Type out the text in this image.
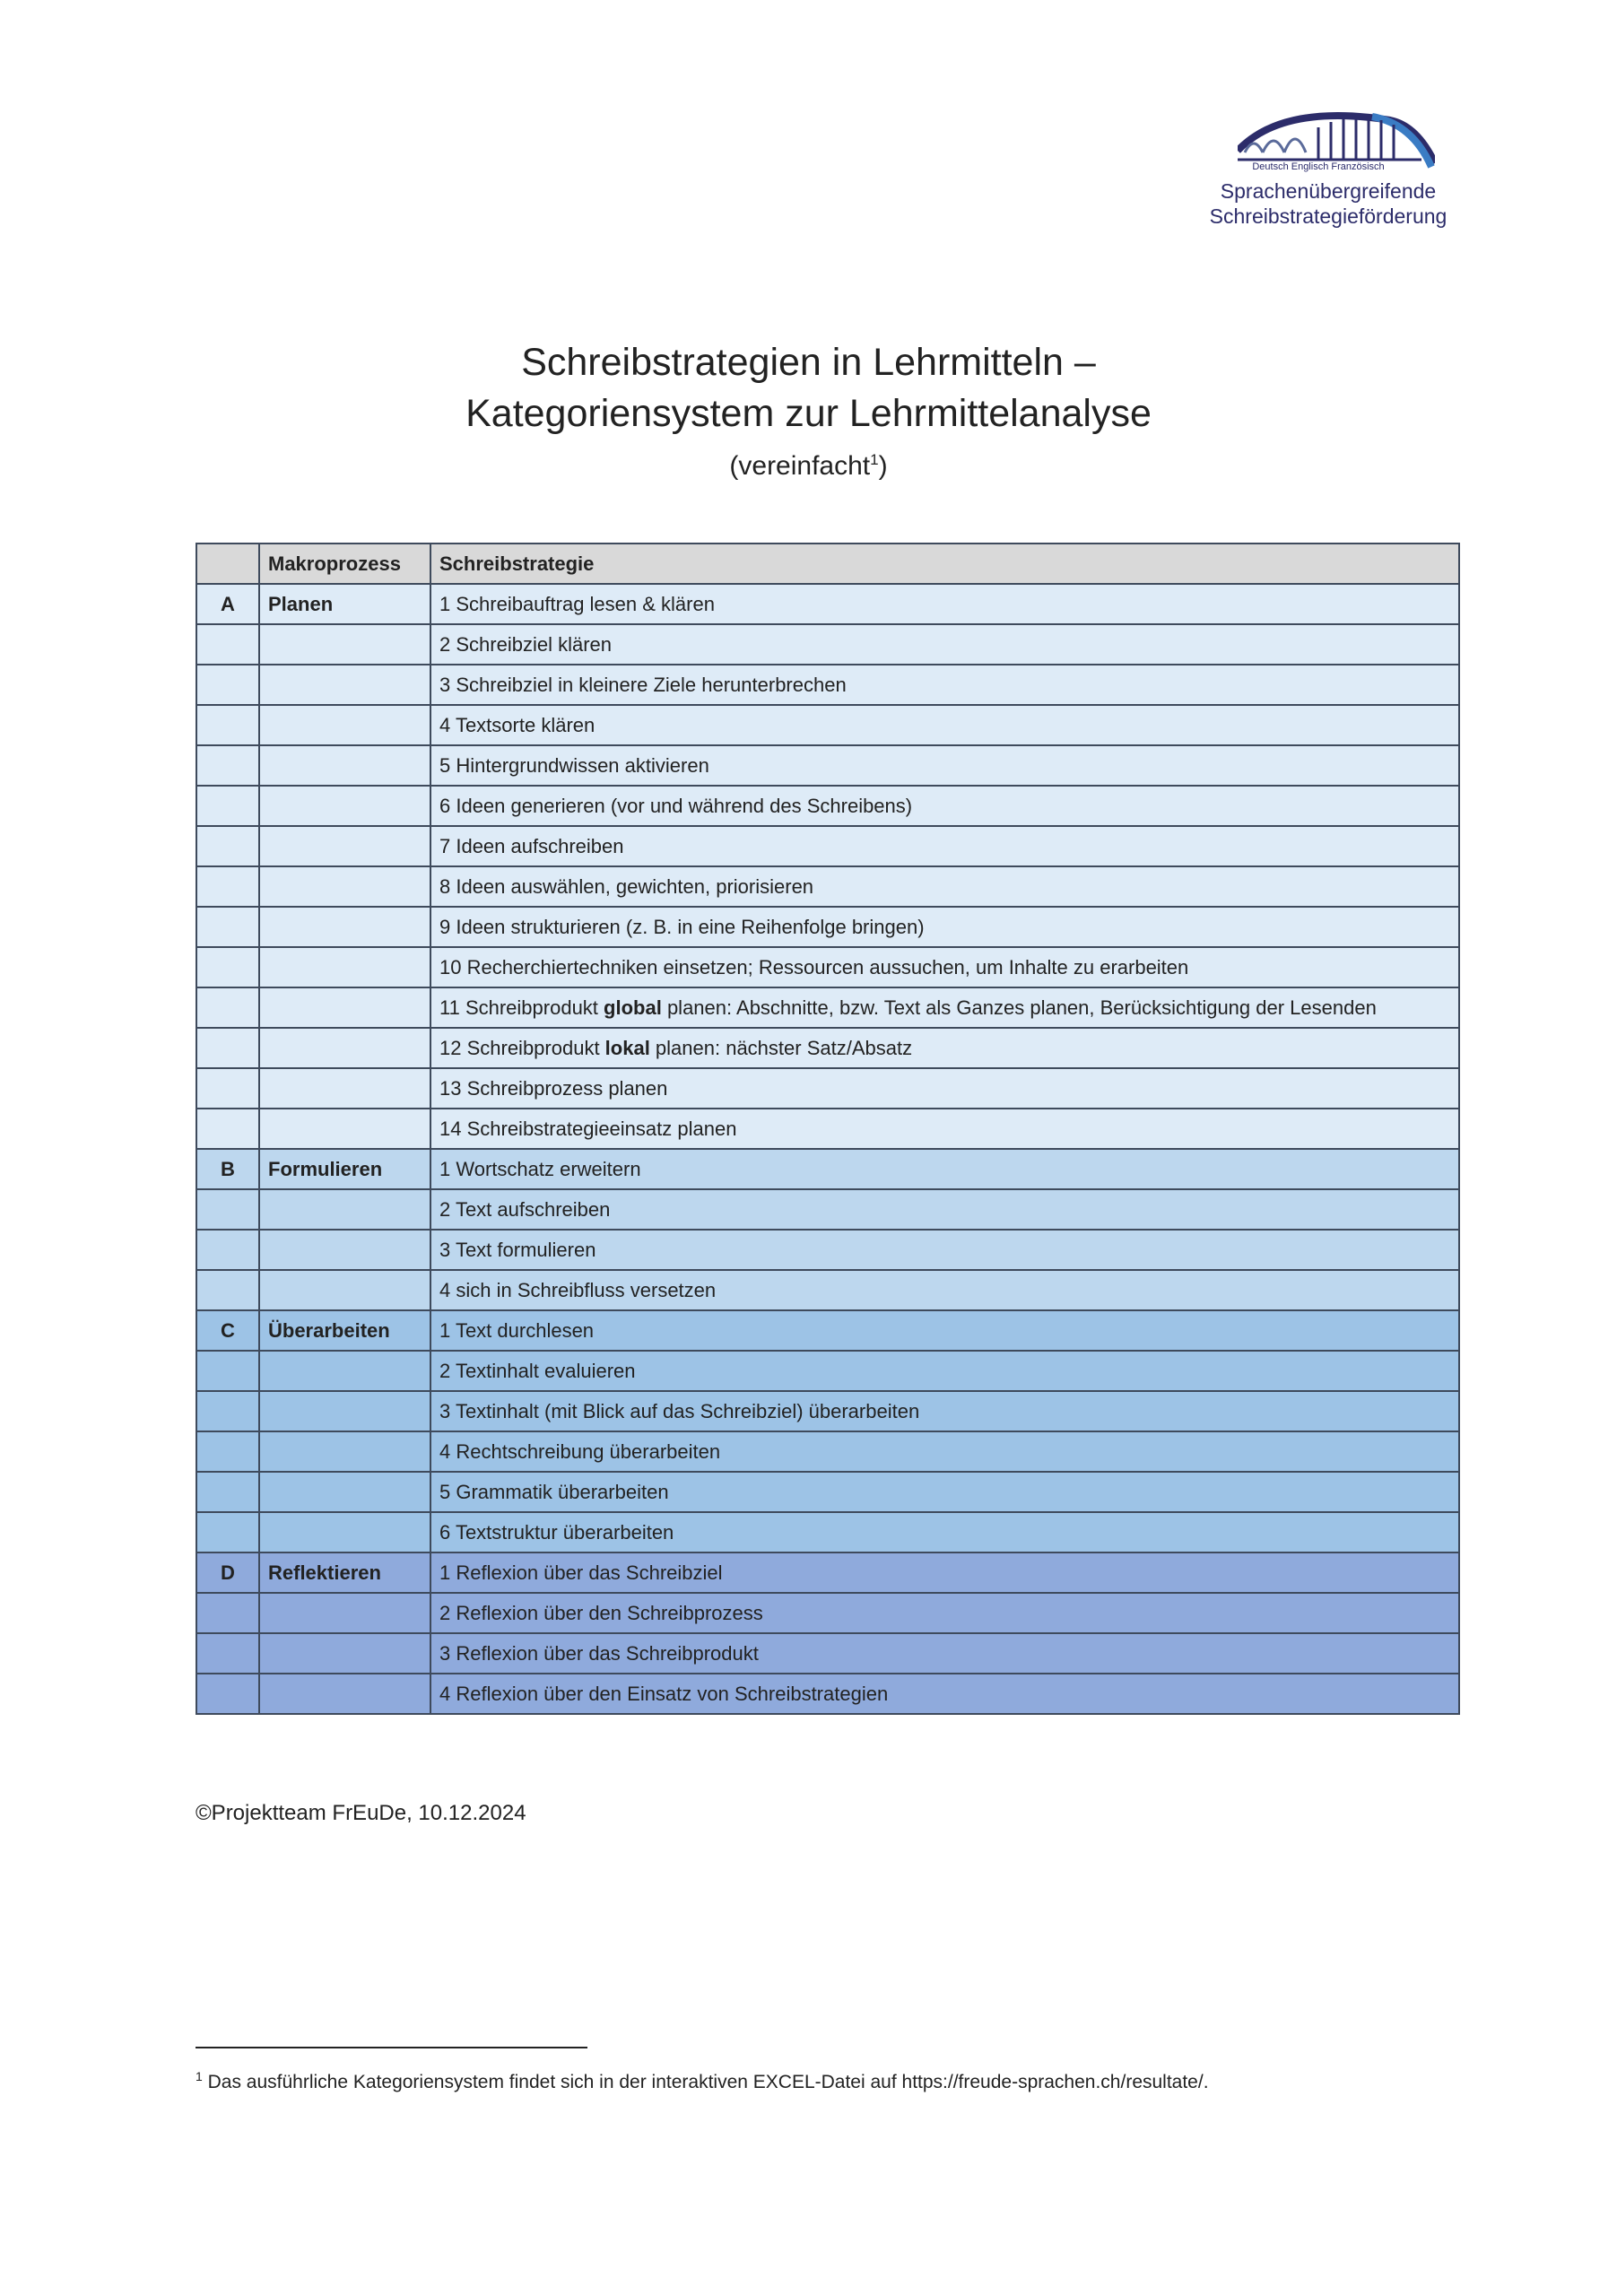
Deutsch Englisch Französisch
Sprachenübergreifende
Schreibstrategieförderung
Schreibstrategien in Lehrmitteln –
Kategoriensystem zur Lehrmittelanalyse
(vereinfacht$^1$)
	Makroprozess	Schreibstrategie
A	Planen	1 Schreibauftrag lesen & klären
		2 Schreibziel klären
		3 Schreibziel in kleinere Ziele herunterbrechen
		4 Textsorte klären
		5 Hintergrundwissen aktivieren
		6 Ideen generieren (vor und während des Schreibens)
		7 Ideen aufschreiben
		8 Ideen auswählen, gewichten, priorisieren
		9 Ideen strukturieren (z. B. in eine Reihenfolge bringen)
		10 Recherchiertechniken einsetzen; Ressourcen aussuchen, um Inhalte zu erarbeiten
		11 Schreibprodukt global planen: Abschnitte, bzw. Text als Ganzes planen, Berücksichtigung der Lesenden
		12 Schreibprodukt lokal planen: nächster Satz/Absatz
		13 Schreibprozess planen
		14 Schreibstrategieeinsatz planen
B	Formulieren	1 Wortschatz erweitern
		2 Text aufschreiben
		3 Text formulieren
		4 sich in Schreibfluss versetzen
C	Überarbeiten	1 Text durchlesen
		2 Textinhalt evaluieren
		3 Textinhalt (mit Blick auf das Schreibziel) überarbeiten
		4 Rechtschreibung überarbeiten
		5 Grammatik überarbeiten
		6 Textstruktur überarbeiten
D	Reflektieren	1 Reflexion über das Schreibziel
		2 Reflexion über den Schreibprozess
		3 Reflexion über das Schreibprodukt
		4 Reflexion über den Einsatz von Schreibstrategien
©Projektteam FrEuDe, 10.12.2024
$^1$ Das ausführliche Kategoriensystem findet sich in der interaktiven EXCEL-Datei auf https://freude-sprachen.ch/resultate/.
